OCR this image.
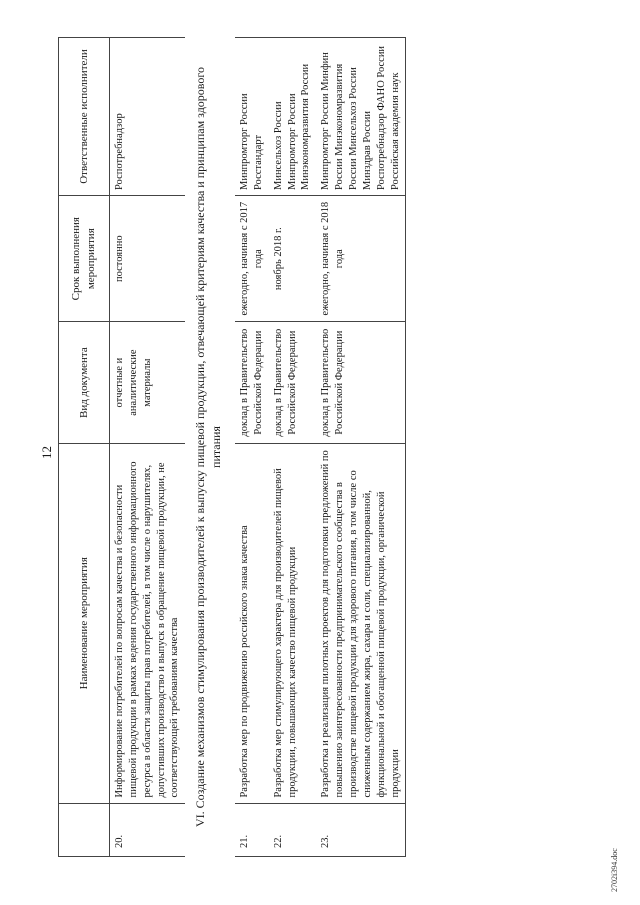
	Наименование мероприятия	Вид документа	Срок выполнения мероприятия	Ответственные исполнители
20.	Информирование потребителей по вопросам качества и безопасности пищевой продукции в рамках ведения государственного информационного ресурса в области защиты прав потребителей, в том числе о нарушителях, допустивших производство и выпуск в обращение пищевой продукции, не соответствующей требованиям качества	отчетные и аналитические материалы	постоянно	Роспотребнадзор
VI. Создание механизмов стимулирования производителей к выпуску пищевой продукции, отвечающей критериям качества и принципам здорового питания				
21.	Разработка мер по продвижению российского знака качества	доклад в Правительство Российской Федерации	ежегодно, начиная с 2017 года	Минпромторг России Росстандарт
22.	Разработка мер стимулирующего характера для производителей пищевой продукции, повышающих качество пищевой продукции	доклад в Правительство Российской Федерации	ноябрь 2018 г.	Минсельхоз России Минпромторг России Минэкономразвития России
23.	Разработка и реализация пилотных проектов для подготовки предложений по повышению заинтересованности предпринимательского сообщества в производстве пищевой продукции для здорового питания, в том числе со сниженным содержанием жира, сахара и соли, специализированной, функциональной и обогащенной пищевой продукции, органической продукции	доклад в Правительство Российской Федерации	ежегодно, начиная с 2018 года	Минпромторг России Минфин России Минэкономразвития России Минсельхоз России Минздрав России Роспотребнадзор ФАНО России Российская академия наук
12
2702i394.doc
